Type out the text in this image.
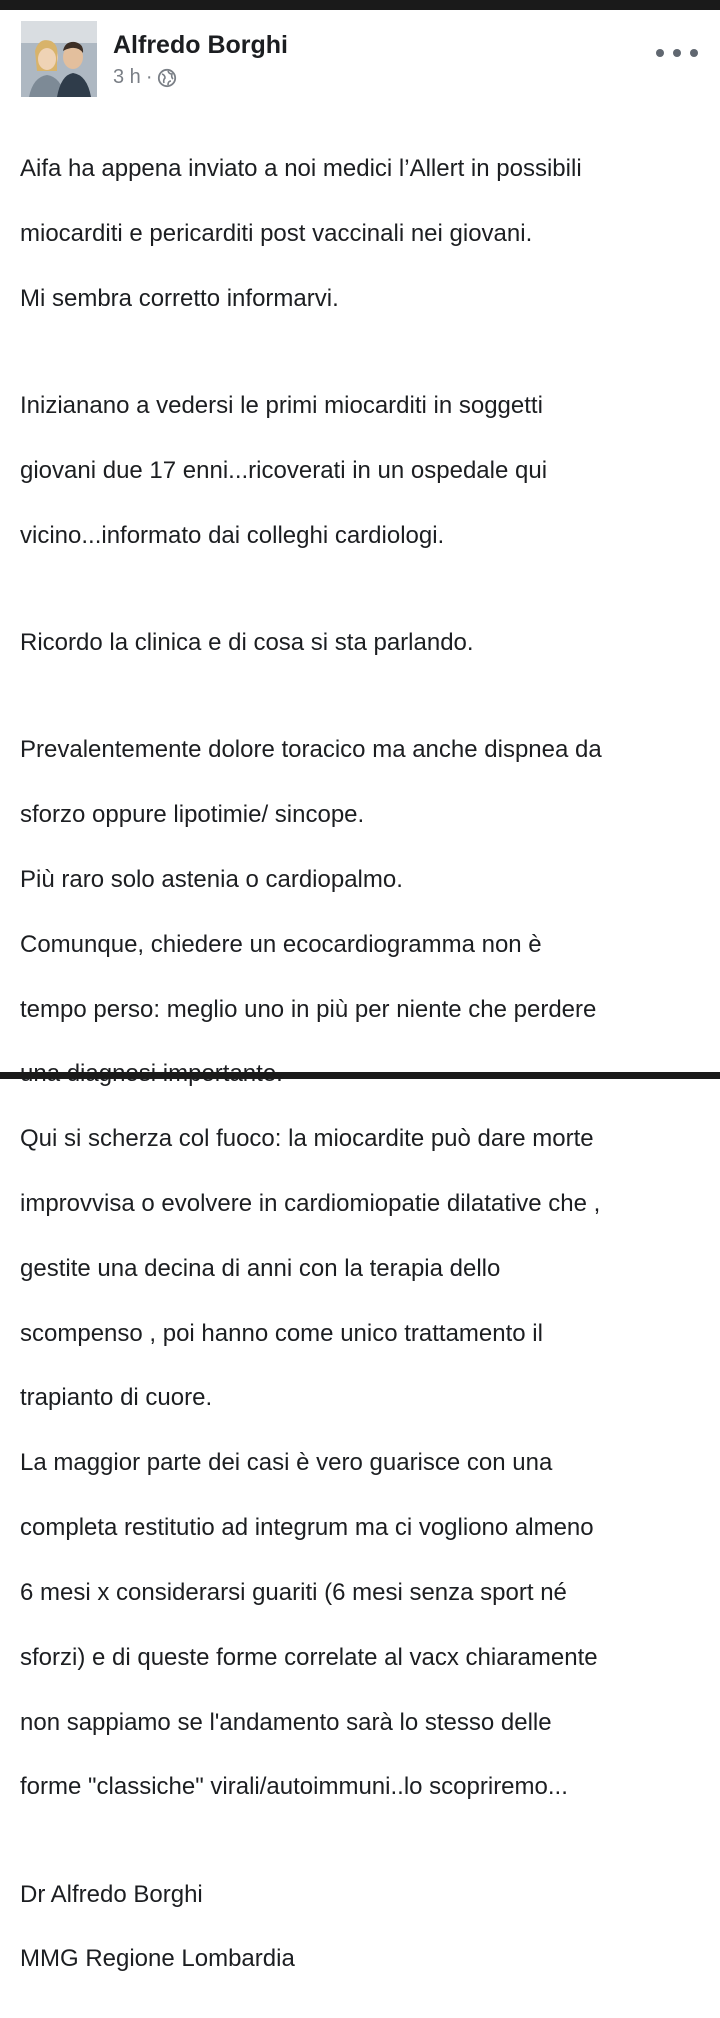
Alfredo Borghi
3 h ·

Aifa ha appena inviato a noi medici l’Allert in possibili

miocarditi e pericarditi post vaccinali nei giovani.

Mi sembra corretto informarvi.

Inizianano a vedersi le primi miocarditi in soggetti

giovani due 17 enni...ricoverati in un ospedale qui

vicino...informato dai colleghi cardiologi.

Ricordo la clinica e di cosa si sta parlando.

Prevalentemente dolore toracico ma anche dispnea da

sforzo oppure lipotimie/ sincope.

Più raro solo astenia o cardiopalmo.

Comunque, chiedere un ecocardiogramma non è

tempo perso: meglio uno in più per niente che perdere

Qui si scherza col fuoco: la miocardite può dare morte

improvvisa o evolvere in cardiomiopatie dilatative che ,

gestite una decina di anni con la terapia dello

scompenso , poi hanno come unico trattamento il

trapianto di cuore.

La maggior parte dei casi è vero guarisce con una

completa restitutio ad integrum ma ci vogliono almeno

6 mesi x considerarsi guariti (6 mesi senza sport né

sforzi) e di queste forme correlate al vacx chiaramente

non sappiamo se l'andamento sarà lo stesso delle

forme "classiche" virali/autoimmuni..lo scopriremo...

Dr Alfredo Borghi

MMG Regione Lombardia
